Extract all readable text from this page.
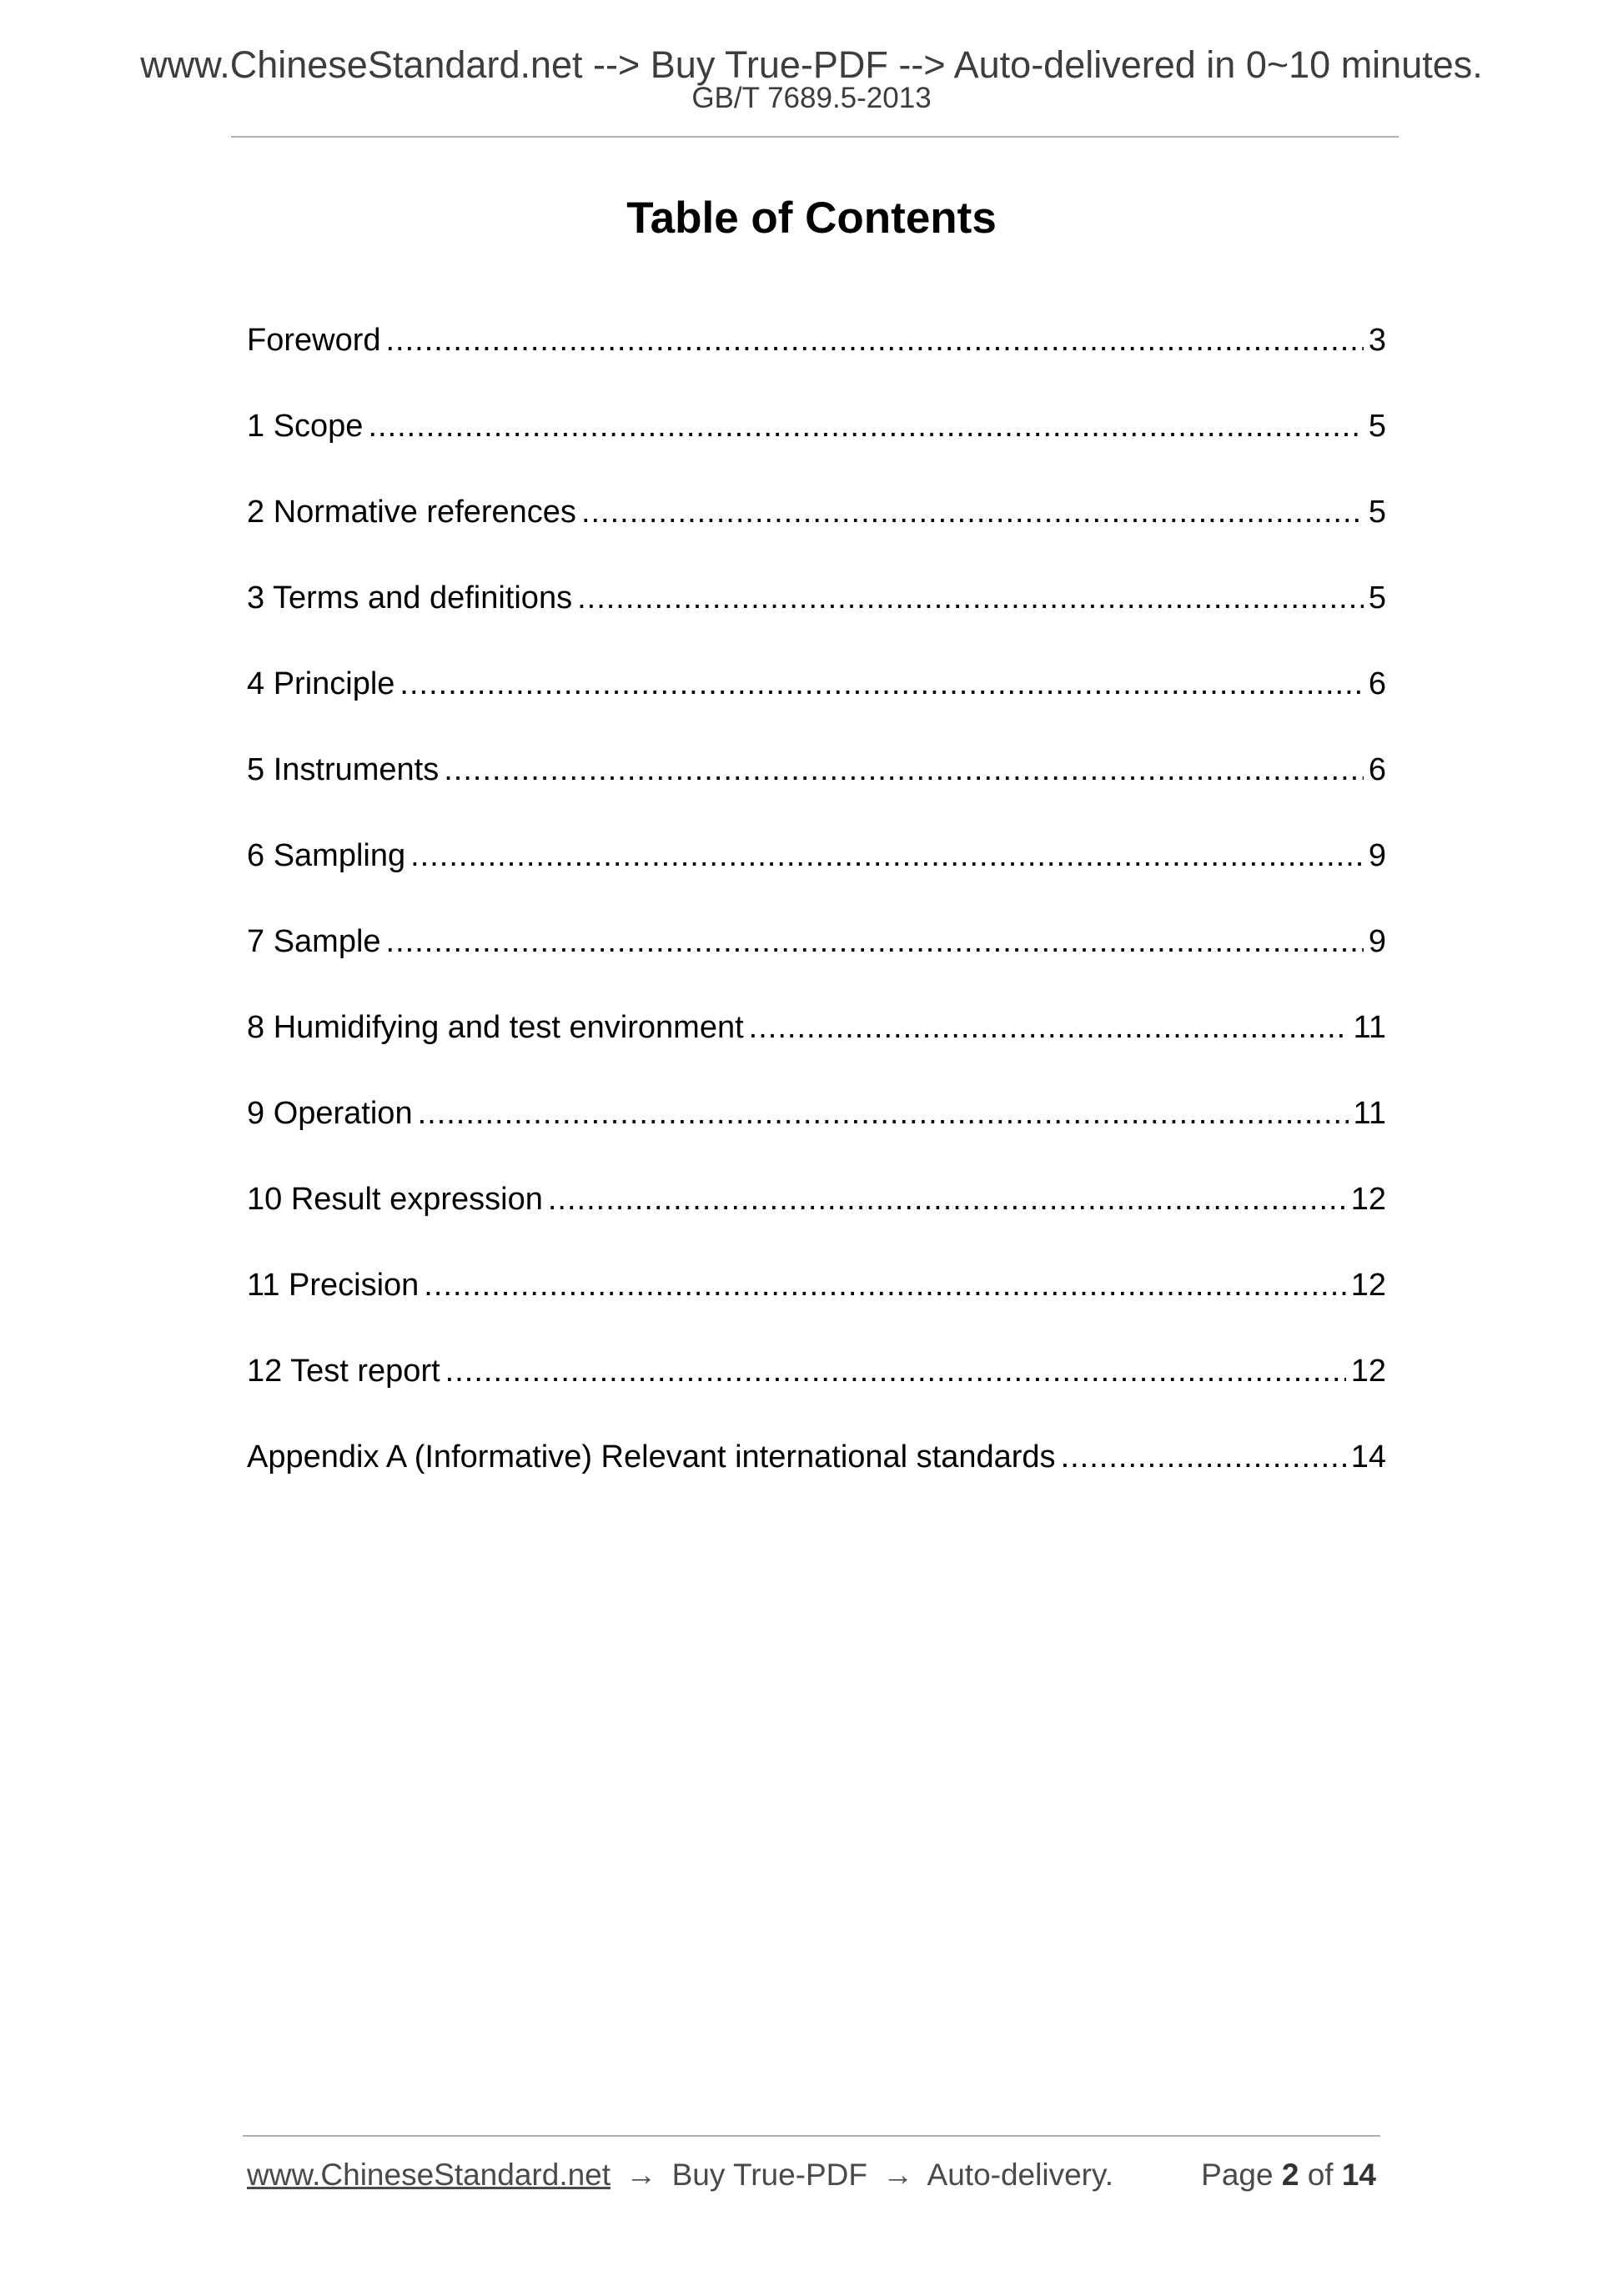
www.ChineseStandard.net --> Buy True-PDF --> Auto-delivered in 0~10 minutes.
GB/T 7689.5-2013
Table of Contents
Foreword .....	3
1 Scope .....	5
2 Normative references .....	5
3 Terms and definitions .....	5
4 Principle .....	6
5 Instruments .....	6
6 Sampling .....	9
7 Sample .....	9
8 Humidifying and test environment .....	11
9 Operation .....	11
10 Result expression .....	12
11 Precision .....	12
12 Test report .....	12
Appendix A (Informative) Relevant international standards .....	14
www.ChineseStandard.net → Buy True-PDF → Auto-delivery.	Page 2 of 14
